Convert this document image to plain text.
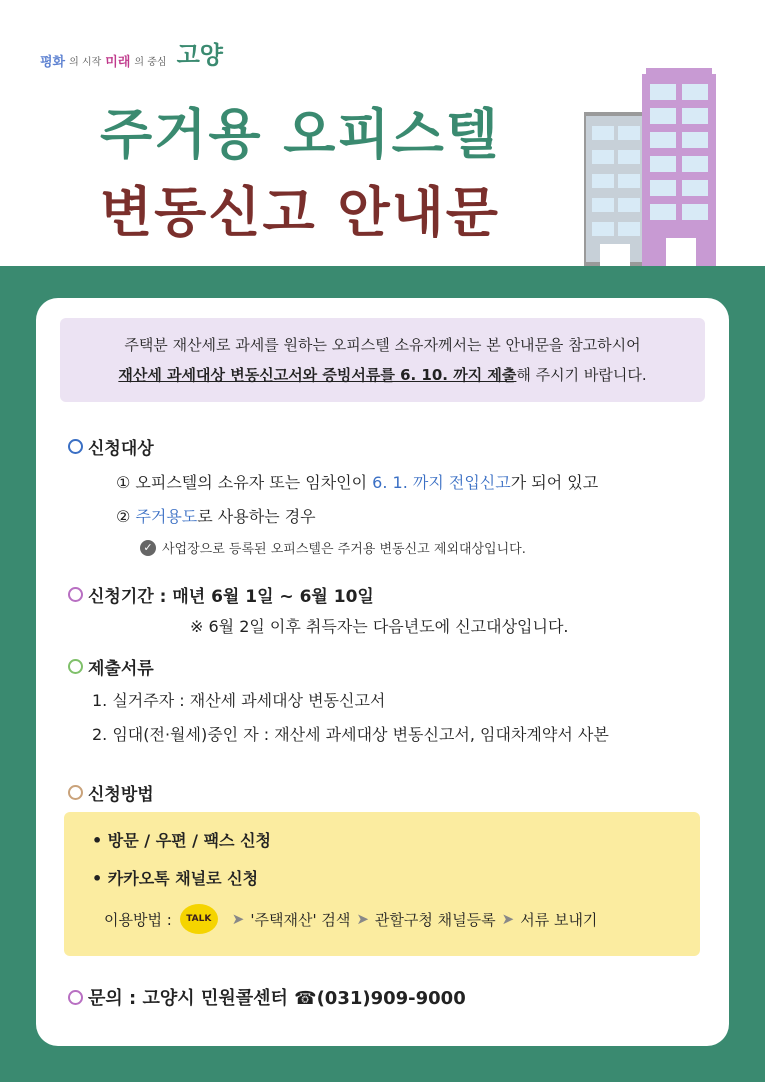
평화 의 시작 미래 의 중심 고양
주거용 오피스텔
변동신고 안내문
주택분 재산세로 과세를 원하는 오피스텔 소유자께서는 본 안내문을 참고하시어
재산세 과세대상 변동신고서와 증빙서류를 6. 10. 까지 제출해 주시기 바랍니다.
신청대상
① 오피스텔의 소유자 또는 임차인이 6. 1. 까지 전입신고가 되어 있고
② 주거용도로 사용하는 경우
✓ 사업장으로 등록된 오피스텔은 주거용 변동신고 제외대상입니다.
신청기간 : 매년 6월 1일 ~ 6월 10일
※ 6월 2일 이후 취득자는 다음년도에 신고대상입니다.
제출서류
1. 실거주자 : 재산세 과세대상 변동신고서
2. 임대(전·월세)중인 자 : 재산세 과세대상 변동신고서, 임대차계약서 사본
신청방법
• 방문 / 우편 / 팩스 신청
• 카카오톡 채널로 신청
이용방법 :	TALK	➤ '주택재산' 검색 ➤ 관할구청 채널등록 ➤ 서류 보내기
문의 : 고양시 민원콜센터 ☎(031)909-9000
